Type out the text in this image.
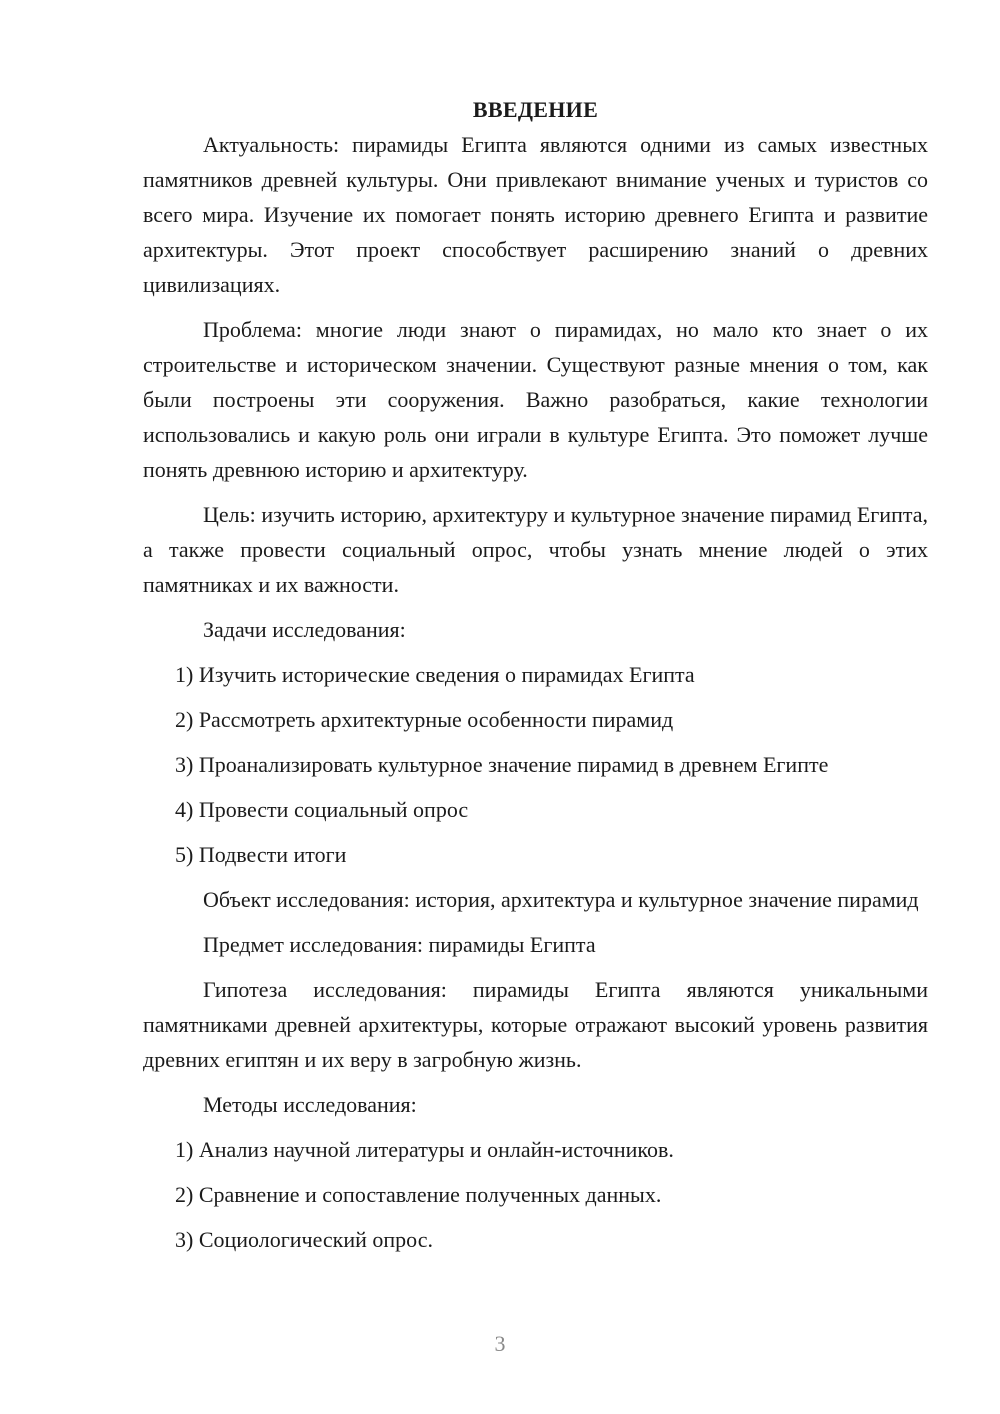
ВВЕДЕНИЕ

Актуальность: пирамиды Египта являются одними из самых известных памятников древней культуры. Они привлекают внимание ученых и туристов со всего мира. Изучение их помогает понять историю древнего Египта и развитие архитектуры. Этот проект способствует расширению знаний о древних цивилизациях.

Проблема: многие люди знают о пирамидах, но мало кто знает о их строительстве и историческом значении. Существуют разные мнения о том, как были построены эти сооружения. Важно разобраться, какие технологии использовались и какую роль они играли в культуре Египта. Это поможет лучше понять древнюю историю и архитектуру.

Цель: изучить историю, архитектуру и культурное значение пирамид Египта, а также провести социальный опрос, чтобы узнать мнение людей о этих памятниках и их важности.

Задачи исследования:

1) Изучить исторические сведения о пирамидах Египта
2) Рассмотреть архитектурные особенности пирамид
3) Проанализировать культурное значение пирамид в древнем Египте
4) Провести социальный опрос
5) Подвести итоги

Объект исследования: история, архитектура и культурное значение пирамид

Предмет исследования: пирамиды Египта

Гипотеза исследования: пирамиды Египта являются уникальными памятниками древней архитектуры, которые отражают высокий уровень развития древних египтян и их веру в загробную жизнь.

Методы исследования:

1) Анализ научной литературы и онлайн-источников.
2) Сравнение и сопоставление полученных данных.
3) Социологический опрос.
3
